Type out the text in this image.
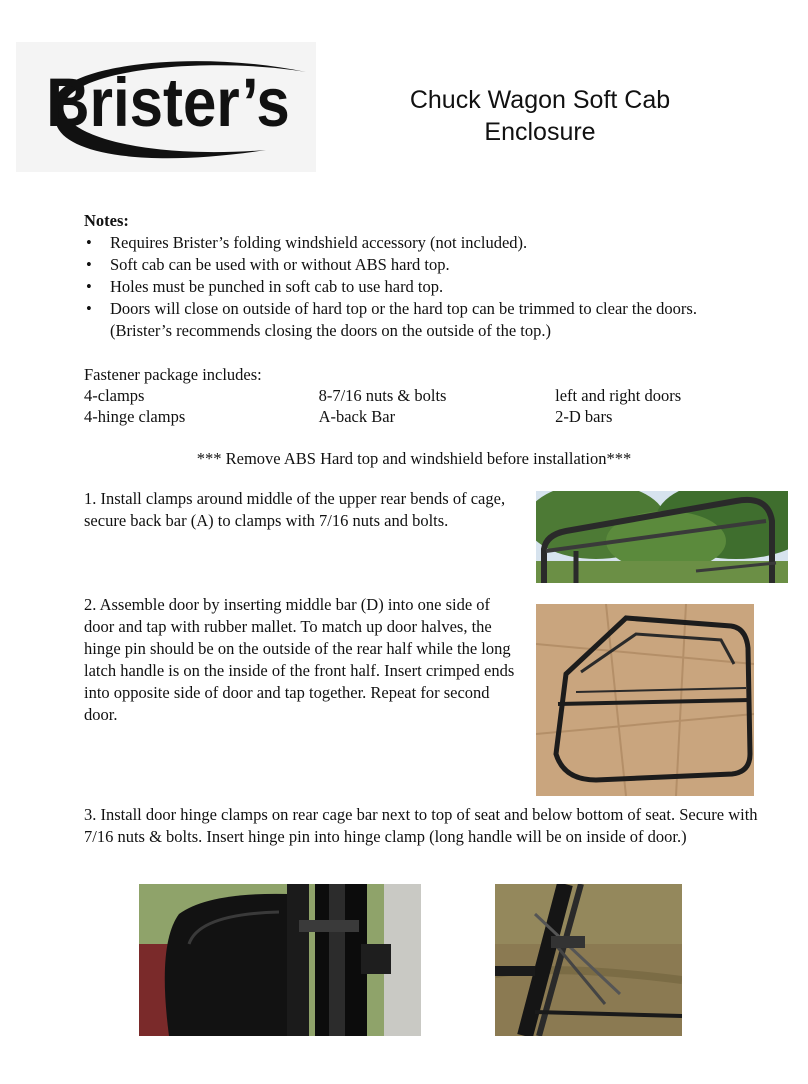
Brister’s	Chuck Wagon Soft Cab
Enclosure
Notes:
• Requires Brister’s folding windshield accessory (not included).
• Soft cab can be used with or without ABS hard top.
• Holes must be punched in soft cab to use hard top.
• Doors will close on outside of hard top or the hard top can be trimmed to clear the doors. (Brister’s recommends closing the doors on the outside of the top.)
Fastener package includes:
4-clamps	8-7/16 nuts & bolts	left and right doors
4-hinge clamps	A-back Bar	2-D bars
*** Remove ABS Hard top and windshield before installation***
1. Install clamps around middle of the upper rear bends of cage, secure back bar (A) to clamps with 7/16 nuts and bolts.
2. Assemble door by inserting middle bar (D) into one side of door and tap with rubber mallet. To match up door halves, the hinge pin should be on the outside of the rear half while the long latch handle is on the inside of the front half. Insert crimped ends into opposite side of door and tap together. Repeat for second door.
3. Install door hinge clamps on rear cage bar next to top of seat and below bottom of seat. Secure with 7/16 nuts & bolts. Insert hinge pin into hinge clamp (long handle will be on inside of door.)
